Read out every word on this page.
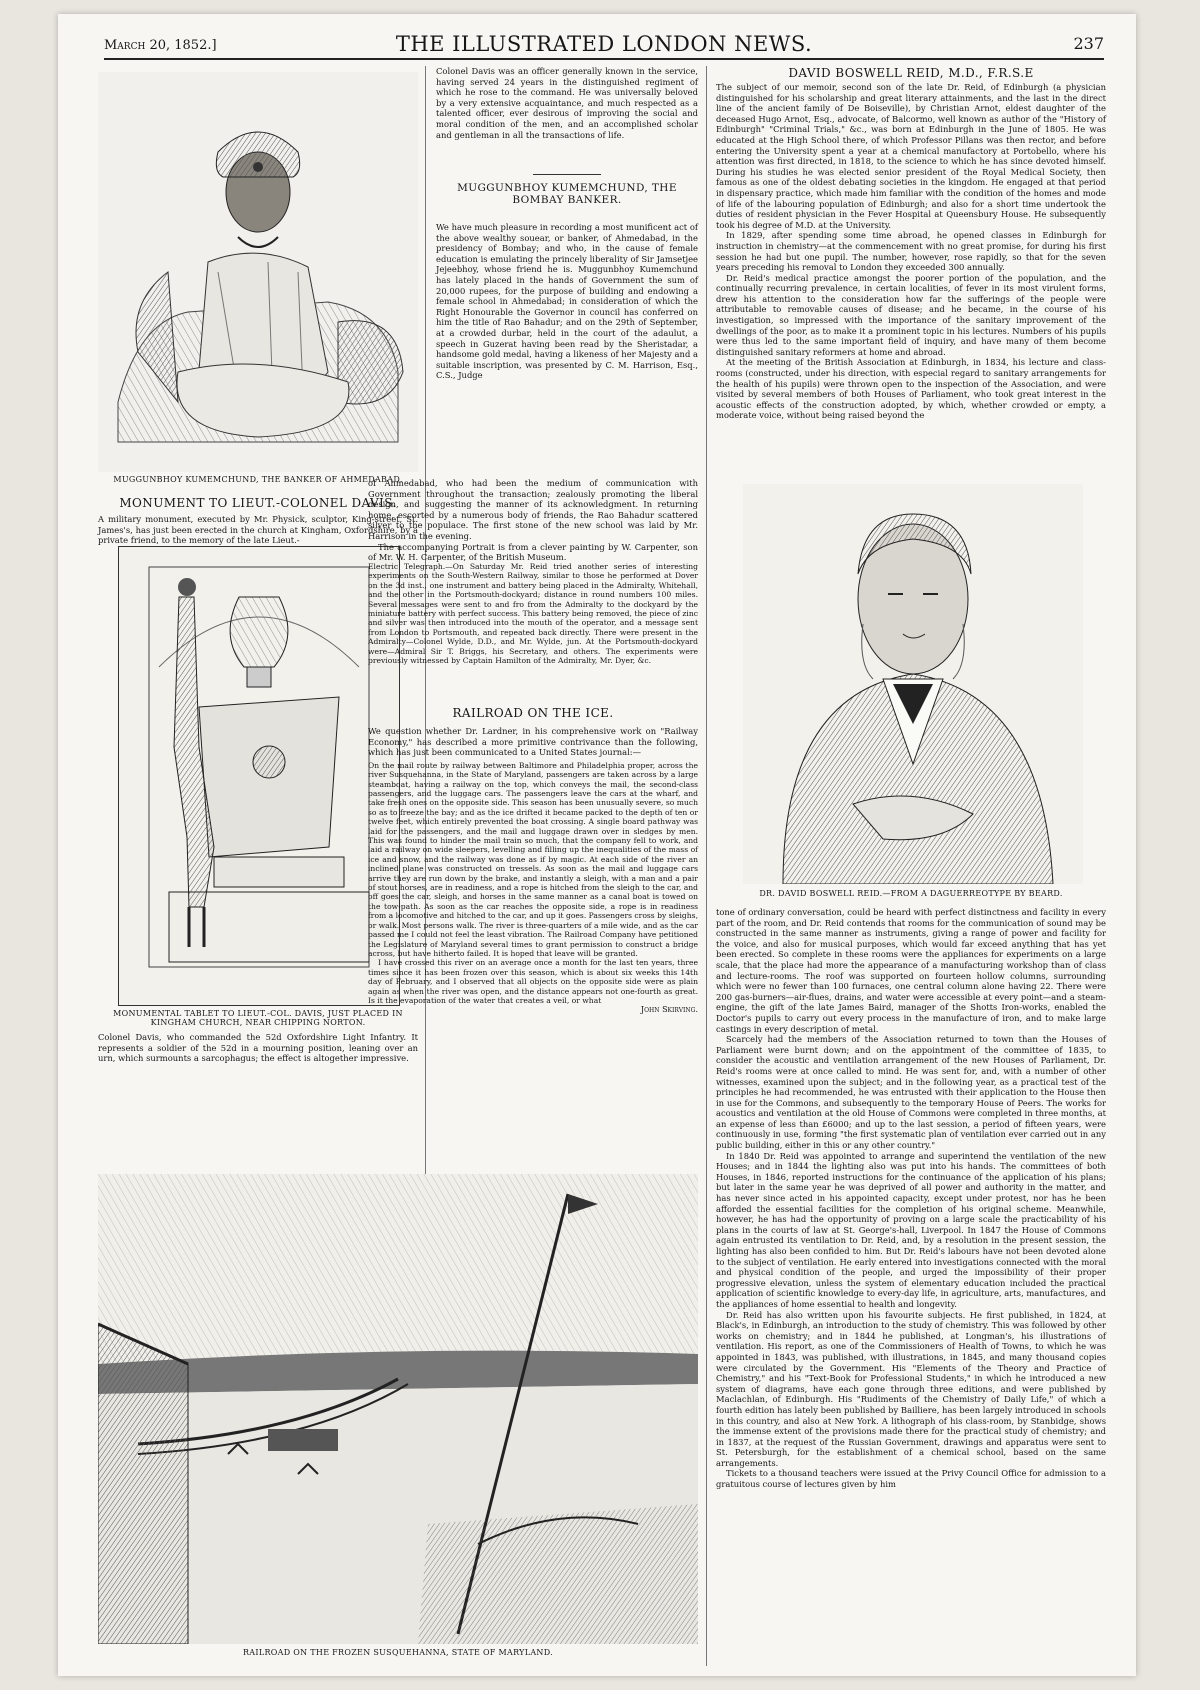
March 20, 1852.]	THE ILLUSTRATED LONDON NEWS.	237
MUGGUNBHOY KUMEMCHUND, THE BANKER OF AHMEDABAD.
MONUMENT TO LIEUT.-COLONEL DAVIS.

A military monument, executed by Mr. Physick, sculptor, King-street, St. James's, has just been erected in the church at Kingham, Oxfordshire, by a private friend, to the memory of the late Lieut.-

MONUMENTAL TABLET TO LIEUT.-COL. DAVIS, JUST PLACED IN KINGHAM CHURCH, NEAR CHIPPING NORTON.

Colonel Davis, who commanded the 52d Oxfordshire Light Infantry. It represents a soldier of the 52d in a mourning position, leaning over an urn, which surmounts a sarcophagus; the effect is altogether impressive.

Colonel Davis was an officer generally known in the service, having served 24 years in the distinguished regiment of which he rose to the command. He was universally beloved by a very extensive acquaintance, and much respected as a talented officer, ever desirous of improving the social and moral condition of the men, and an accomplished scholar and gentleman in all the transactions of life.

MUGGUNBHOY KUMEMCHUND, THE BOMBAY BANKER.

We have much pleasure in recording a most munificent act of the above wealthy souear, or banker, of Ahmedabad, in the presidency of Bombay; and who, in the cause of female education is emulating the princely liberality of Sir Jamsetjee Jejeebhoy, whose friend he is. Muggunbhoy Kumemchund has lately placed in the hands of Government the sum of 20,000 rupees, for the purpose of building and endowing a female school in Ahmedabad; in consideration of which the Right Honourable the Governor in council has conferred on him the title of Rao Bahadur; and on the 29th of September, at a crowded durbar, held in the court of the adaulut, a speech in Guzerat having been read by the Sheristadar, a handsome gold medal, having a likeness of her Majesty and a suitable inscription, was presented by C. M. Harrison, Esq., C.S., Judge

of Ahmedabad, who had been the medium of communication with Government throughout the transaction; zealously promoting the liberal design, and suggesting the manner of its acknowledgment. In returning home, escorted by a numerous body of friends, the Rao Bahadur scattered silver to the populace. The first stone of the new school was laid by Mr. Harrison in the evening.

The accompanying Portrait is from a clever painting by W. Carpenter, son of Mr. W. H. Carpenter, of the British Museum.

Electric Telegraph.—On Saturday Mr. Reid tried another series of interesting experiments on the South-Western Railway, similar to those he performed at Dover on the 3d inst., one instrument and battery being placed in the Admiralty, Whitehall, and the other in the Portsmouth-dockyard; distance in round numbers 100 miles. Several messages were sent to and fro from the Admiralty to the dockyard by the miniature battery with perfect success. This battery being removed, the piece of zinc and silver was then introduced into the mouth of the operator, and a message sent from London to Portsmouth, and repeated back directly. There were present in the Admiralty—Colonel Wylde, D.D., and Mr. Wylde, jun. At the Portsmouth-dockyard were—Admiral Sir T. Briggs, his Secretary, and others. The experiments were previously witnessed by Captain Hamilton of the Admiralty, Mr. Dyer, &c.

RAILROAD ON THE ICE.

We question whether Dr. Lardner, in his comprehensive work on "Railway Economy," has described a more primitive contrivance than the following, which has just been communicated to a United States journal:—

On the mail route by railway between Baltimore and Philadelphia proper, across the river Susquehanna, in the State of Maryland, passengers are taken across by a large steamboat, having a railway on the top, which conveys the mail, the second-class passengers, and the luggage cars. The passengers leave the cars at the wharf, and take fresh ones on the opposite side. This season has been unusually severe, so much so as to freeze the bay; and as the ice drifted it became packed to the depth of ten or twelve feet, which entirely prevented the boat crossing. A single board pathway was laid for the passengers, and the mail and luggage drawn over in sledges by men. This was found to hinder the mail train so much, that the company fell to work, and laid a railway on wide sleepers, levelling and filling up the inequalities of the mass of ice and snow, and the railway was done as if by magic. At each side of the river an inclined plane was constructed on tressels. As soon as the mail and luggage cars arrive they are run down by the brake, and instantly a sleigh, with a man and a pair of stout horses, are in readiness, and a rope is hitched from the sleigh to the car, and off goes the car, sleigh, and horses in the same manner as a canal boat is towed on the tow-path. As soon as the car reaches the opposite side, a rope is in readiness from a locomotive and hitched to the car, and up it goes. Passengers cross by sleighs, or walk. Most persons walk. The river is three-quarters of a mile wide, and as the car passed me I could not feel the least vibration. The Railroad Company have petitioned the Legislature of Maryland several times to grant permission to construct a bridge across, but have hitherto failed. It is hoped that leave will be granted.

I have crossed this river on an average once a month for the last ten years, three times since it has been frozen over this season, which is about six weeks this 14th day of February, and I observed that all objects on the opposite side were as plain again as when the river was open, and the distance appears not one-fourth as great. Is it the evaporation of the water that creates a veil, or what

John Skirving.
RAILROAD ON THE FROZEN SUSQUEHANNA, STATE OF MARYLAND.
DAVID BOSWELL REID, M.D., F.R.S.E

The subject of our memoir, second son of the late Dr. Reid, of Edinburgh (a physician distinguished for his scholarship and great literary attainments, and the last in the direct line of the ancient family of De Boiseville), by Christian Arnot, eldest daughter of the deceased Hugo Arnot, Esq., advocate, of Balcormo, well known as author of the "History of Edinburgh" "Criminal Trials," &c., was born at Edinburgh in the June of 1805. He was educated at the High School there, of which Professor Pillans was then rector, and before entering the University spent a year at a chemical manufactory at Portobello, where his attention was first directed, in 1818, to the science to which he has since devoted himself. During his studies he was elected senior president of the Royal Medical Society, then famous as one of the oldest debating societies in the kingdom. He engaged at that period in dispensary practice, which made him familiar with the condition of the homes and mode of life of the labouring population of Edinburgh; and also for a short time undertook the duties of resident physician in the Fever Hospital at Queensbury House. He subsequently took his degree of M.D. at the University.

In 1829, after spending some time abroad, he opened classes in Edinburgh for instruction in chemistry—at the commencement with no great promise, for during his first session he had but one pupil. The number, however, rose rapidly, so that for the seven years preceding his removal to London they exceeded 300 annually.

Dr. Reid's medical practice amongst the poorer portion of the population, and the continually recurring prevalence, in certain localities, of fever in its most virulent forms, drew his attention to the consideration how far the sufferings of the people were attributable to removable causes of disease; and he became, in the course of his investigation, so impressed with the importance of the sanitary improvement of the dwellings of the poor, as to make it a prominent topic in his lectures. Numbers of his pupils were thus led to the same important field of inquiry, and have many of them become distinguished sanitary reformers at home and abroad.

At the meeting of the British Association at Edinburgh, in 1834, his lecture and class-rooms (constructed, under his direction, with especial regard to sanitary arrangements for the health of his pupils) were thrown open to the inspection of the Association, and were visited by several members of both Houses of Parliament, who took great interest in the acoustic effects of the construction adopted, by which, whether crowded or empty, a moderate voice, without being raised beyond the

DR. DAVID BOSWELL REID.—FROM A DAGUERREOTYPE BY BEARD.

tone of ordinary conversation, could be heard with perfect distinctness and facility in every part of the room, and Dr. Reid contends that rooms for the communication of sound may be constructed in the same manner as instruments, giving a range of power and facility for the voice, and also for musical purposes, which would far exceed anything that has yet been erected. So complete in these rooms were the appliances for experiments on a large scale, that the place had more the appearance of a manufacturing workshop than of class and lecture-rooms. The roof was supported on fourteen hollow columns, surrounding which were no fewer than 100 furnaces, one central column alone having 22. There were 200 gas-burners—air-flues, drains, and water were accessible at every point—and a steam-engine, the gift of the late James Baird, manager of the Shotts Iron-works, enabled the Doctor's pupils to carry out every process in the manufacture of iron, and to make large castings in every description of metal.

Scarcely had the members of the Association returned to town than the Houses of Parliament were burnt down; and on the appointment of the committee of 1835, to consider the acoustic and ventilation arrangement of the new Houses of Parliament, Dr. Reid's rooms were at once called to mind. He was sent for, and, with a number of other witnesses, examined upon the subject; and in the following year, as a practical test of the principles he had recommended, he was entrusted with their application to the House then in use for the Commons, and subsequently to the temporary House of Peers. The works for acoustics and ventilation at the old House of Commons were completed in three months, at an expense of less than £6000; and up to the last session, a period of fifteen years, were continuously in use, forming "the first systematic plan of ventilation ever carried out in any public building, either in this or any other country."

In 1840 Dr. Reid was appointed to arrange and superintend the ventilation of the new Houses; and in 1844 the lighting also was put into his hands. The committees of both Houses, in 1846, reported instructions for the continuance of the application of his plans; but later in the same year he was deprived of all power and authority in the matter, and has never since acted in his appointed capacity, except under protest, nor has he been afforded the essential facilities for the completion of his original scheme. Meanwhile, however, he has had the opportunity of proving on a large scale the practicability of his plans in the courts of law at St. George's-hall, Liverpool. In 1847 the House of Commons again entrusted its ventilation to Dr. Reid, and, by a resolution in the present session, the lighting has also been confided to him. But Dr. Reid's labours have not been devoted alone to the subject of ventilation. He early entered into investigations connected with the moral and physical condition of the people, and urged the impossibility of their proper progressive elevation, unless the system of elementary education included the practical application of scientific knowledge to every-day life, in agriculture, arts, manufactures, and the appliances of home essential to health and longevity.

Dr. Reid has also written upon his favourite subjects. He first published, in 1824, at Black's, in Edinburgh, an introduction to the study of chemistry. This was followed by other works on chemistry; and in 1844 he published, at Longman's, his illustrations of ventilation. His report, as one of the Commissioners of Health of Towns, to which he was appointed in 1843, was published, with illustrations, in 1845, and many thousand copies were circulated by the Government. His "Elements of the Theory and Practice of Chemistry," and his "Text-Book for Professional Students," in which he introduced a new system of diagrams, have each gone through three editions, and were published by Maclachlan, of Edinburgh. His "Rudiments of the Chemistry of Daily Life," of which a fourth edition has lately been published by Bailliere, has been largely introduced in schools in this country, and also at New York. A lithograph of his class-room, by Stanbidge, shows the immense extent of the provisions made there for the practical study of chemistry; and in 1837, at the request of the Russian Government, drawings and apparatus were sent to St. Petersburgh, for the establishment of a chemical school, based on the same arrangements.

Tickets to a thousand teachers were issued at the Privy Council Office for admission to a gratuitous course of lectures given by him
